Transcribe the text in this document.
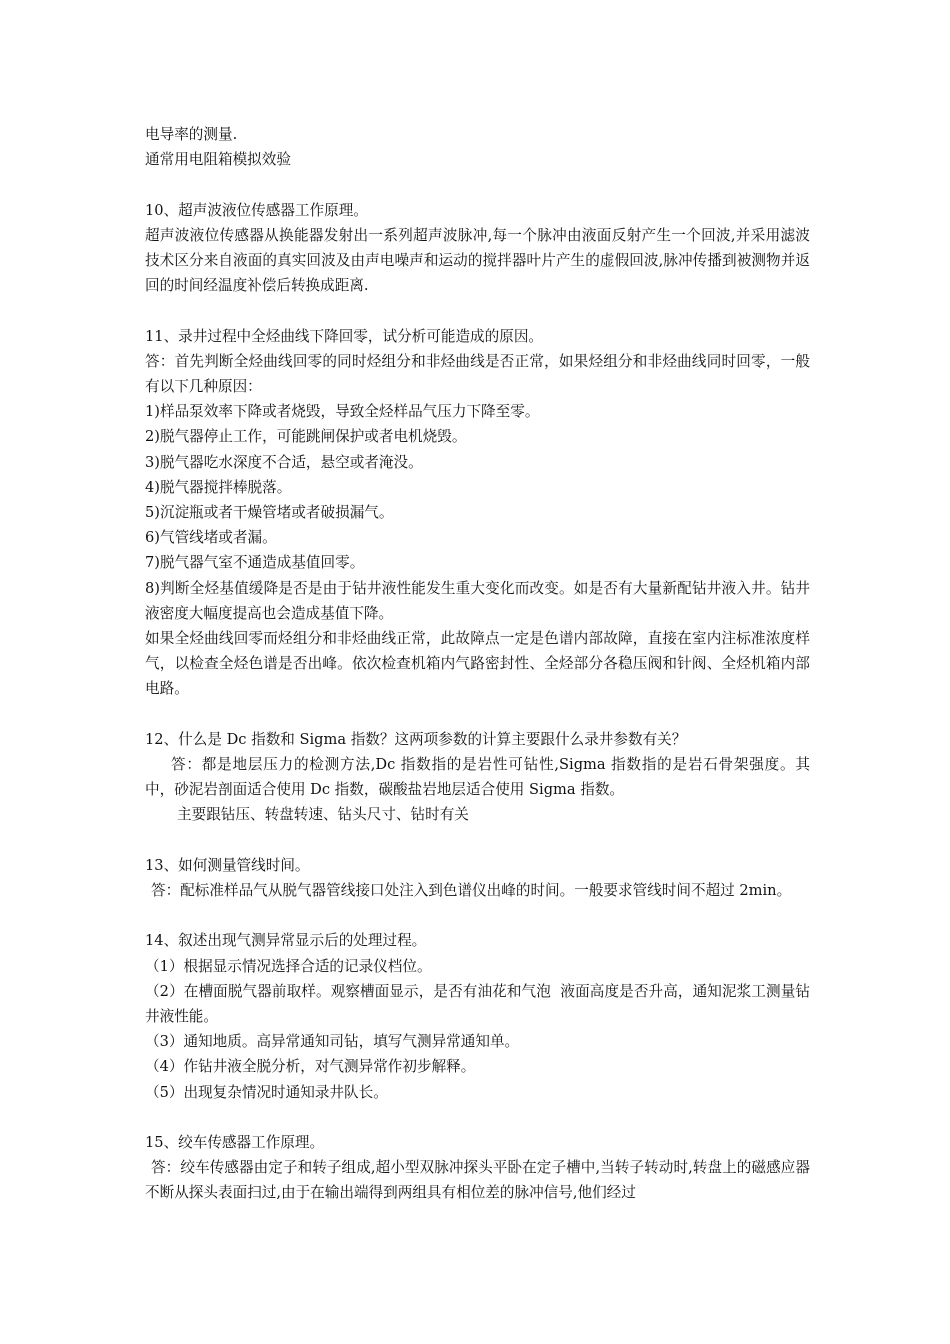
电导率的测量.
通常用电阻箱模拟效验
10、超声波液位传感器工作原理。
超声波液位传感器从换能器发射出一系列超声波脉冲,每一个脉冲由液面反射产生一个回波,并采用滤波技术区分来自液面的真实回波及由声电噪声和运动的搅拌器叶片产生的虚假回波,脉冲传播到被测物并返回的时间经温度补偿后转换成距离.
11、录井过程中全烃曲线下降回零，试分析可能造成的原因。
答：首先判断全烃曲线回零的同时烃组分和非烃曲线是否正常，如果烃组分和非烃曲线同时回零，一般有以下几种原因：
1)样品泵效率下降或者烧毁，导致全烃样品气压力下降至零。
2)脱气器停止工作，可能跳闸保护或者电机烧毁。
3)脱气器吃水深度不合适，悬空或者淹没。
4)脱气器搅拌棒脱落。
5)沉淀瓶或者干燥管堵或者破损漏气。
6)气管线堵或者漏。
7)脱气器气室不通造成基值回零。
8)判断全烃基值缓降是否是由于钻井液性能发生重大变化而改变。如是否有大量新配钻井液入井。钻井液密度大幅度提高也会造成基值下降。
如果全烃曲线回零而烃组分和非烃曲线正常，此故障点一定是色谱内部故障，直接在室内注标准浓度样气，以检查全烃色谱是否出峰。依次检查机箱内气路密封性、全烃部分各稳压阀和针阀、全烃机箱内部电路。
12、什么是 Dc 指数和 Sigma 指数？这两项参数的计算主要跟什么录井参数有关？
答：都是地层压力的检测方法,Dc 指数指的是岩性可钻性,Sigma 指数指的是岩石骨架强度。其中，砂泥岩剖面适合使用 Dc 指数，碳酸盐岩地层适合使用 Sigma 指数。
主要跟钻压、转盘转速、钻头尺寸、钻时有关
13、如何测量管线时间。
答：配标准样品气从脱气器管线接口处注入到色谱仪出峰的时间。一般要求管线时间不超过 2min。
14、叙述出现气测异常显示后的处理过程。
（1）根据显示情况选择合适的记录仪档位。
（2）在槽面脱气器前取样。观察槽面显示，是否有油花和气泡  液面高度是否升高，通知泥浆工测量钻井液性能。
（3）通知地质。高异常通知司钻，填写气测异常通知单。
（4）作钻井液全脱分析，对气测异常作初步解释。
（5）出现复杂情况时通知录井队长。
15、绞车传感器工作原理。
答：绞车传感器由定子和转子组成,超小型双脉冲探头平卧在定子槽中,当转子转动时,转盘上的磁感应器不断从探头表面扫过,由于在输出端得到两组具有相位差的脉冲信号,他们经过
